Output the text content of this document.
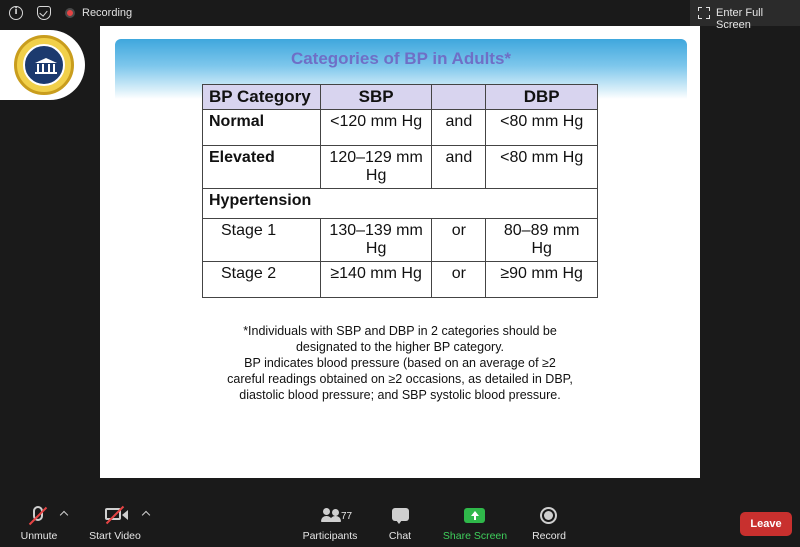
i	Recording	Enter Full Screen
Categories of BP in Adults*
BP Category	SBP		DBP
Normal	<120 mm Hg	and	<80 mm Hg
Elevated	120–129 mm Hg	and	<80 mm Hg
Hypertension			
Stage 1	130–139 mm Hg	or	80–89 mm Hg
Stage 2	≥140 mm Hg	or	≥90 mm Hg
*Individuals with SBP and DBP in 2 categories should be designated to the higher BP category.
BP indicates blood pressure (based on an average of ≥2 careful readings obtained on ≥2 occasions, as detailed in DBP, diastolic blood pressure; and SBP systolic blood pressure.
Unmute	Start Video	Participants
77
Chat	Share Screen	Record
Leave
